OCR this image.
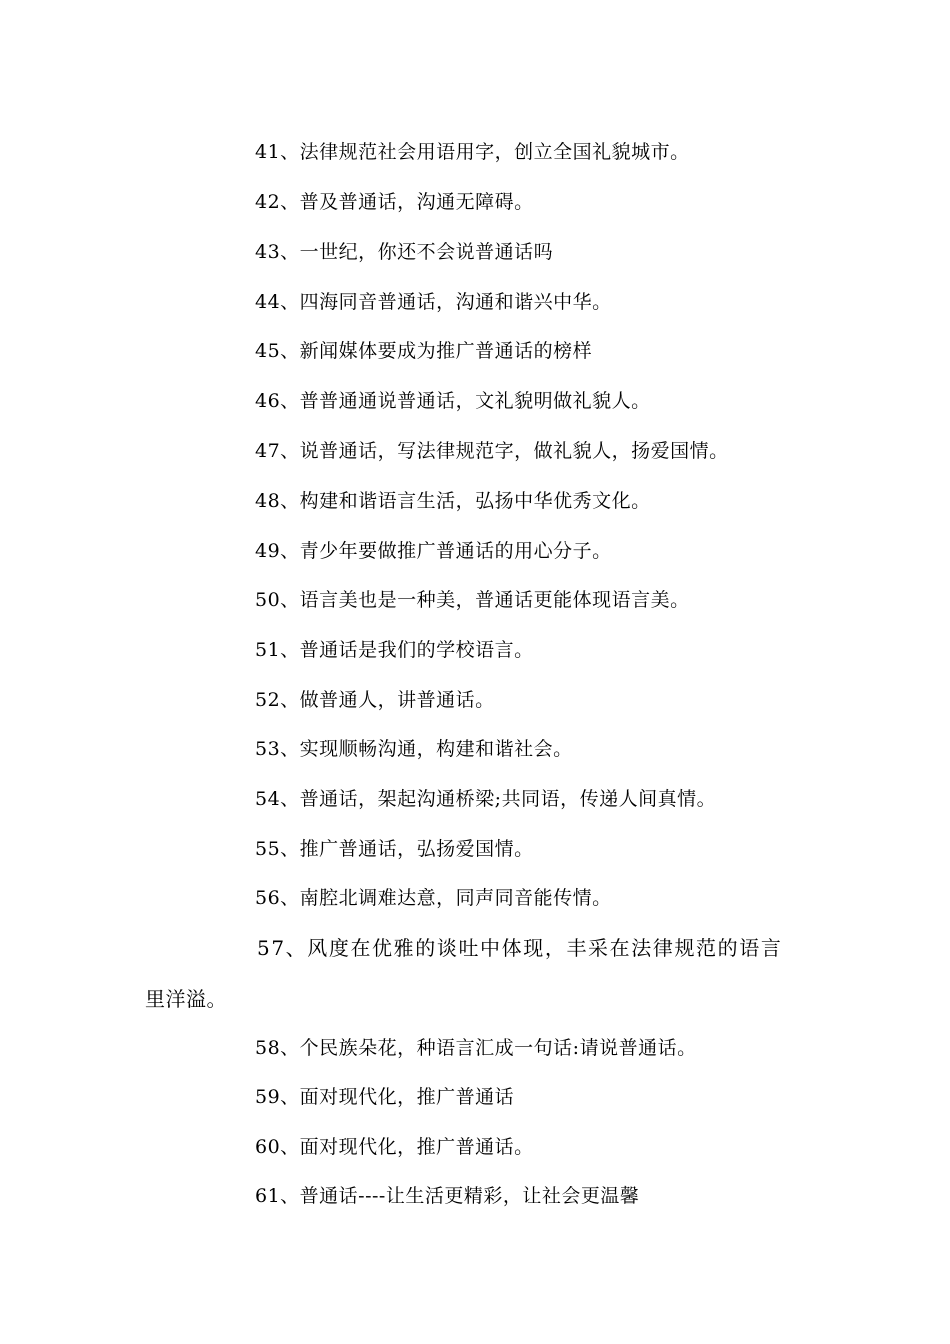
41、法律规范社会用语用字，创立全国礼貌城市。
42、普及普通话，沟通无障碍。
43、一世纪，你还不会说普通话吗
44、四海同音普通话，沟通和谐兴中华。
45、新闻媒体要成为推广普通话的榜样
46、普普通通说普通话，文礼貌明做礼貌人。
47、说普通话，写法律规范字，做礼貌人，扬爱国情。
48、构建和谐语言生活，弘扬中华优秀文化。
49、青少年要做推广普通话的用心分子。
50、语言美也是一种美，普通话更能体现语言美。
51、普通话是我们的学校语言。
52、做普通人，讲普通话。
53、实现顺畅沟通，构建和谐社会。
54、普通话，架起沟通桥梁;共同语，传递人间真情。
55、推广普通话，弘扬爱国情。
56、南腔北调难达意，同声同音能传情。
57、风度在优雅的谈吐中体现，丰采在法律规范的语言
里洋溢。
58、个民族朵花，种语言汇成一句话:请说普通话。
59、面对现代化，推广普通话
60、面对现代化，推广普通话。
61、普通话----让生活更精彩，让社会更温馨
